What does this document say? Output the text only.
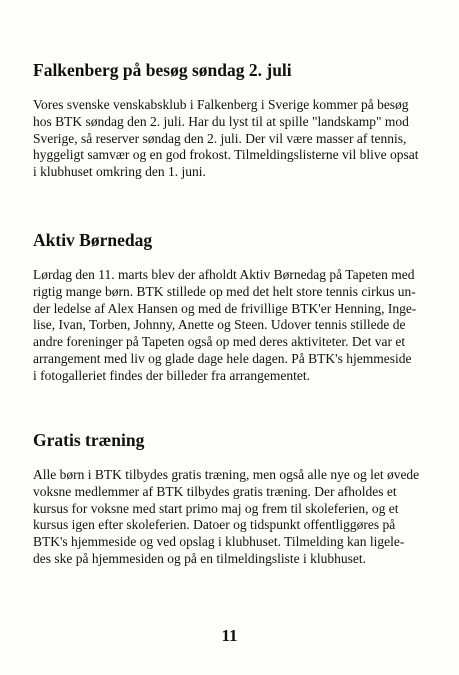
Falkenberg på besøg søndag 2. juli
Vores svenske venskabsklub i Falkenberg i Sverige kommer på besøg
hos BTK søndag den 2. juli. Har du lyst til at spille "landskamp" mod
Sverige, så reserver søndag den 2. juli. Der vil være masser af tennis,
hyggeligt samvær og en god frokost. Tilmeldingslisterne vil blive opsat
i klubhuset omkring den 1. juni.
Aktiv Børnedag
Lørdag den 11. marts blev der afholdt Aktiv Børnedag på Tapeten med
rigtig mange børn. BTK stillede op med det helt store tennis cirkus un-
der ledelse af Alex Hansen og med de frivillige BTK'er Henning, Inge-
lise, Ivan, Torben, Johnny, Anette og Steen. Udover tennis stillede de
andre foreninger på Tapeten også op med deres aktiviteter. Det var et
arrangement med liv og glade dage hele dagen. På BTK's hjemmeside
i fotogalleriet findes der billeder fra arrangementet.
Gratis træning
Alle børn i BTK tilbydes gratis træning, men også alle nye og let øvede
voksne medlemmer af BTK tilbydes gratis træning. Der afholdes et
kursus for voksne med start primo maj og frem til skoleferien, og et
kursus igen efter skoleferien. Datoer og tidspunkt offentliggøres på
BTK's hjemmeside og ved opslag i klubhuset. Tilmelding kan ligele-
des ske på hjemmesiden og på en tilmeldingsliste i klubhuset.
11
